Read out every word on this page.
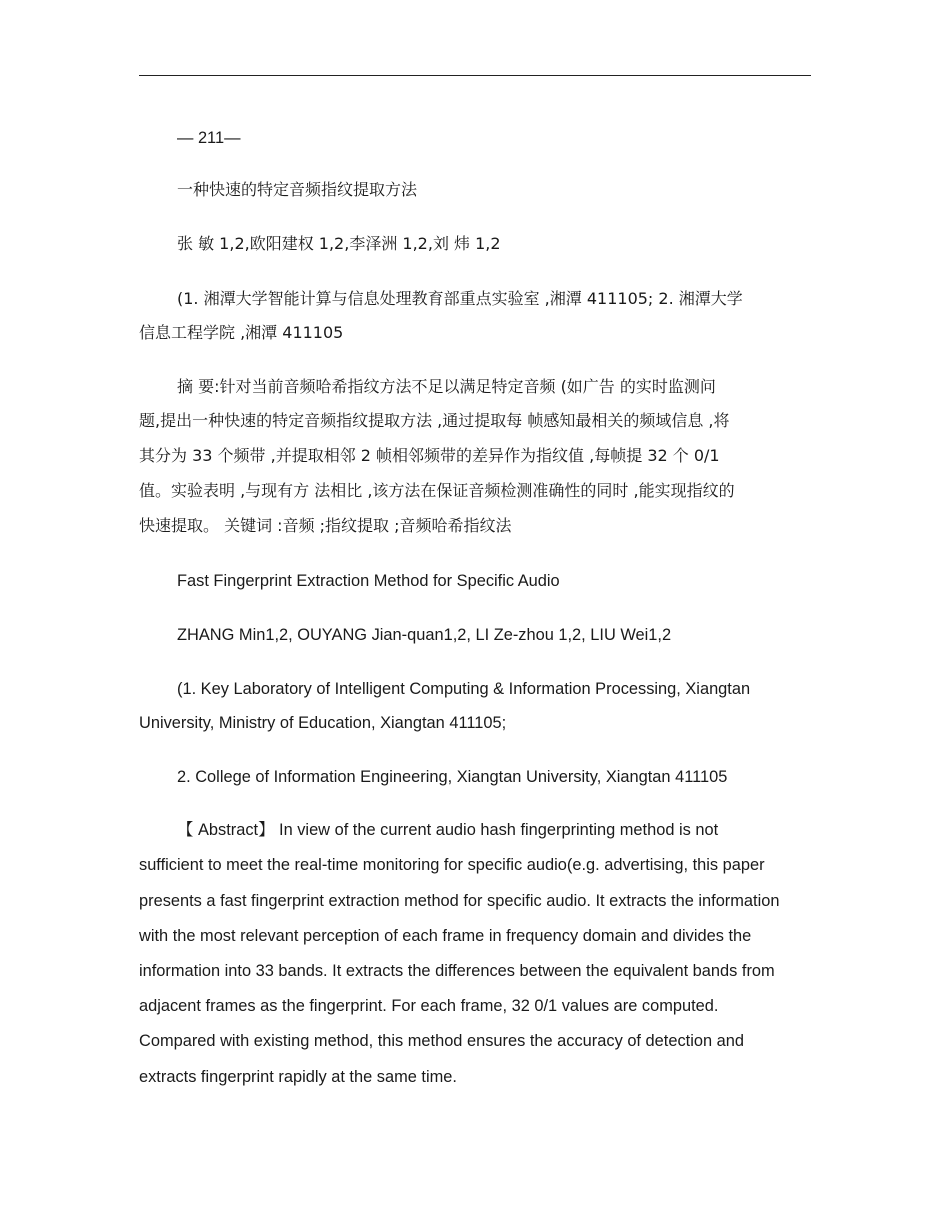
— 211—
一种快速的特定音频指纹提取方法
张 敏 1,2,欧阳建权 1,2,李泽洲 1,2,刘 炜 1,2
(1. 湘潭大学智能计算与信息处理教育部重点实验室 ,湘潭 411105; 2. 湘潭大学
信息工程学院 ,湘潭 411105
摘 要:针对当前音频哈希指纹方法不足以满足特定音频 (如广告 的实时监测问
题,提出一种快速的特定音频指纹提取方法 ,通过提取每 帧感知最相关的频域信息 ,将
其分为 33 个频带 ,并提取相邻 2 帧相邻频带的差异作为指纹值 ,每帧提 32 个 0/1
值。实验表明 ,与现有方 法相比 ,该方法在保证音频检测准确性的同时 ,能实现指纹的
快速提取。 关键词 :音频 ;指纹提取 ;音频哈希指纹法
Fast Fingerprint Extraction Method for Specific Audio
ZHANG Min1,2, OUYANG Jian-quan1,2, LI Ze-zhou 1,2, LIU Wei1,2
(1. Key Laboratory of Intelligent Computing & Information Processing, Xiangtan
University, Ministry of Education, Xiangtan 411105;
2. College of Information Engineering, Xiangtan University, Xiangtan 411105
【 Abstract】 In view of the current audio hash fingerprinting method is not
sufficient to meet the real-time monitoring for specific audio(e.g. advertising, this paper
presents a fast fingerprint extraction method for specific audio. It extracts the information
with the most relevant perception of each frame in frequency domain and divides the
information into 33 bands. It extracts the differences between the equivalent bands from
adjacent frames as the fingerprint. For each frame, 32 0/1 values are computed.
Compared with existing method, this method ensures the accuracy of detection and
extracts fingerprint rapidly at the same time.
